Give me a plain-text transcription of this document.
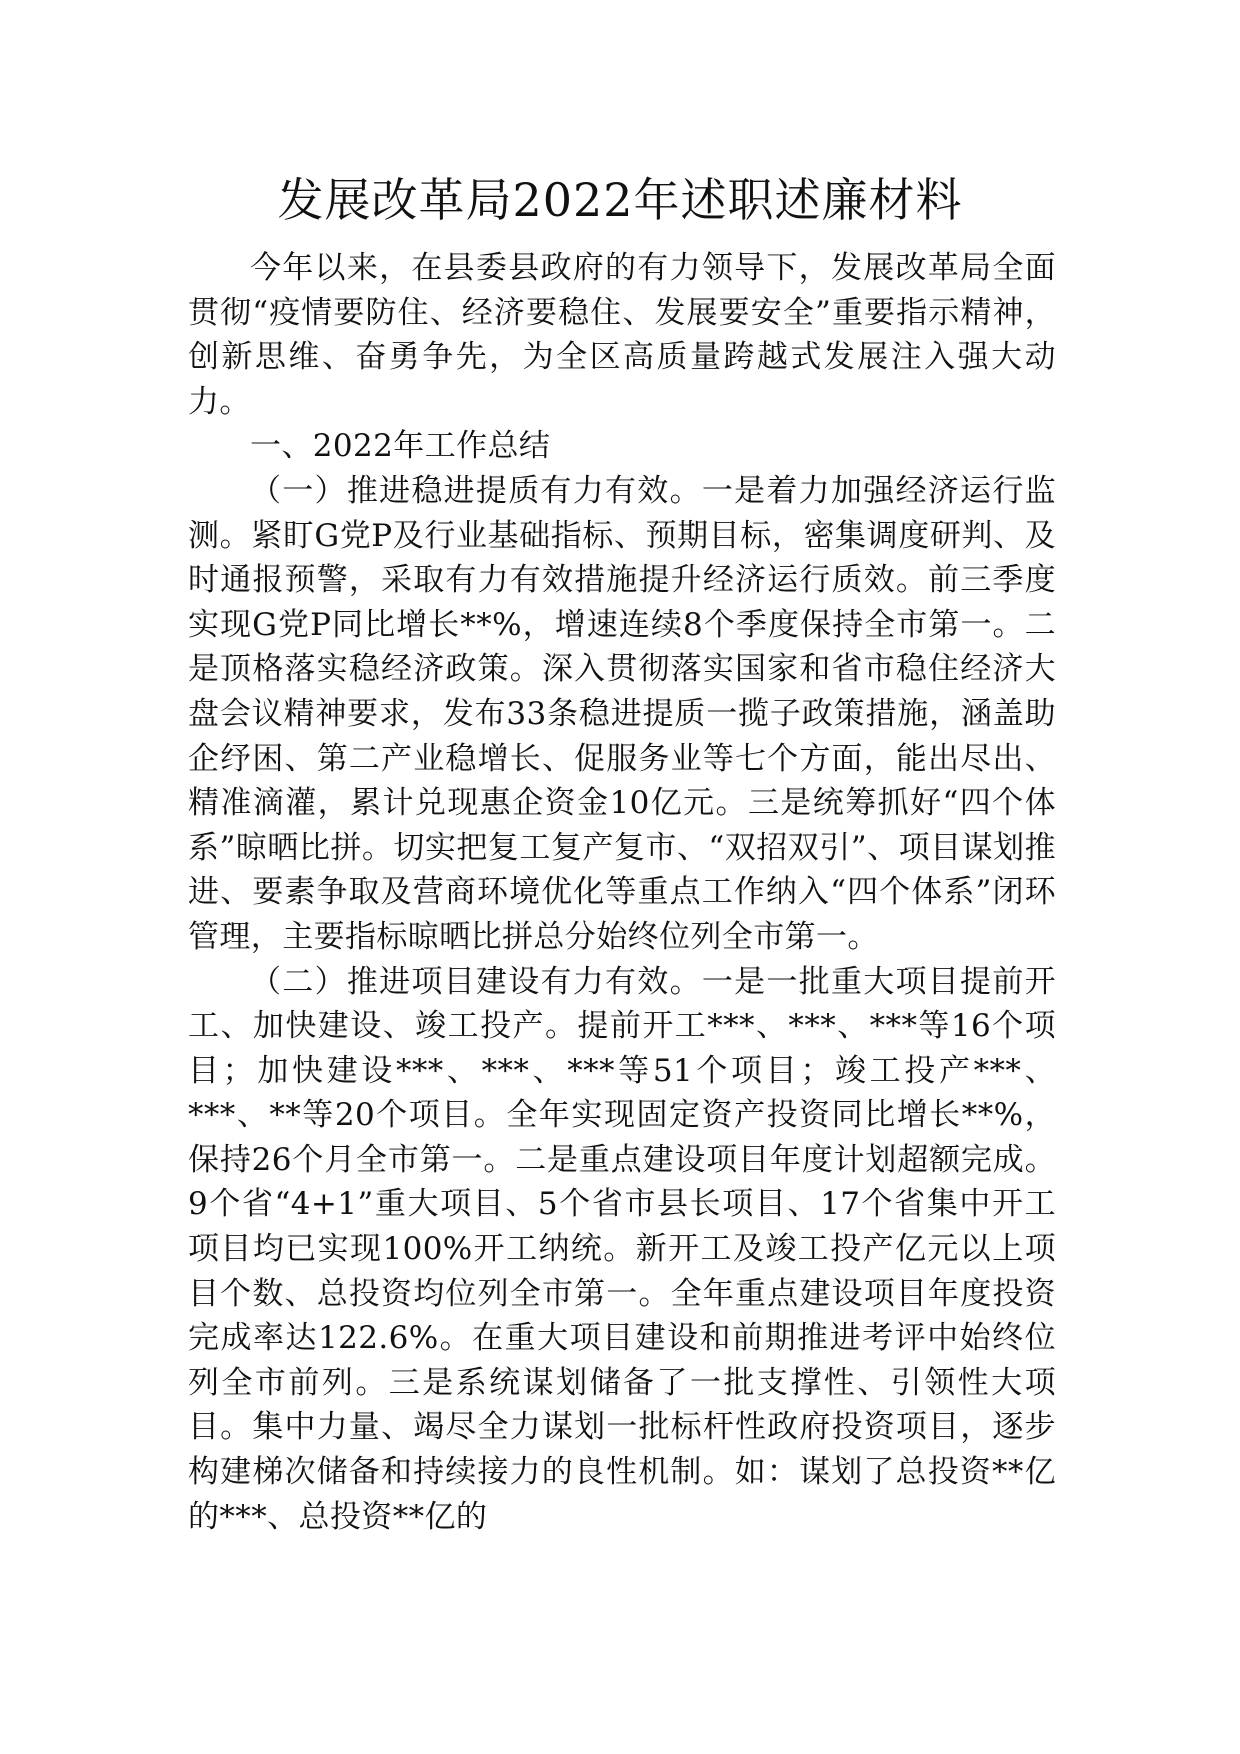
发展改革局2022年述职述廉材料

今年以来，在县委县政府的有力领导下，发展改革局全面贯彻“疫情要防住、经济要稳住、发展要安全”重要指示精神，创新思维、奋勇争先，为全区高质量跨越式发展注入强大动力。

一、2022年工作总结

（一）推进稳进提质有力有效。一是着力加强经济运行监测。紧盯G党P及行业基础指标、预期目标，密集调度研判、及时通报预警，采取有力有效措施提升经济运行质效。前三季度实现G党P同比增长**%，增速连续8个季度保持全市第一。二是顶格落实稳经济政策。深入贯彻落实国家和省市稳住经济大盘会议精神要求，发布33条稳进提质一揽子政策措施，涵盖助企纾困、第二产业稳增长、促服务业等七个方面，能出尽出、精准滴灌，累计兑现惠企资金10亿元。三是统筹抓好“四个体系”晾晒比拼。切实把复工复产复市、“双招双引”、项目谋划推进、要素争取及营商环境优化等重点工作纳入“四个体系”闭环管理，主要指标晾晒比拼总分始终位列全市第一。

（二）推进项目建设有力有效。一是一批重大项目提前开工、加快建设、竣工投产。提前开工***、***、***等16个项目；加快建设***、***、***等51个项目；竣工投产***、***、**等20个项目。全年实现固定资产投资同比增长**%，保持26个月全市第一。二是重点建设项目年度计划超额完成。9个省“4+1”重大项目、5个省市县长项目、17个省集中开工项目均已实现100%开工纳统。新开工及竣工投产亿元以上项目个数、总投资均位列全市第一。全年重点建设项目年度投资完成率达122.6%。在重大项目建设和前期推进考评中始终位列全市前列。三是系统谋划储备了一批支撑性、引领性大项目。集中力量、竭尽全力谋划一批标杆性政府投资项目，逐步构建梯次储备和持续接力的良性机制。如：谋划了总投资**亿的***、总投资**亿的
